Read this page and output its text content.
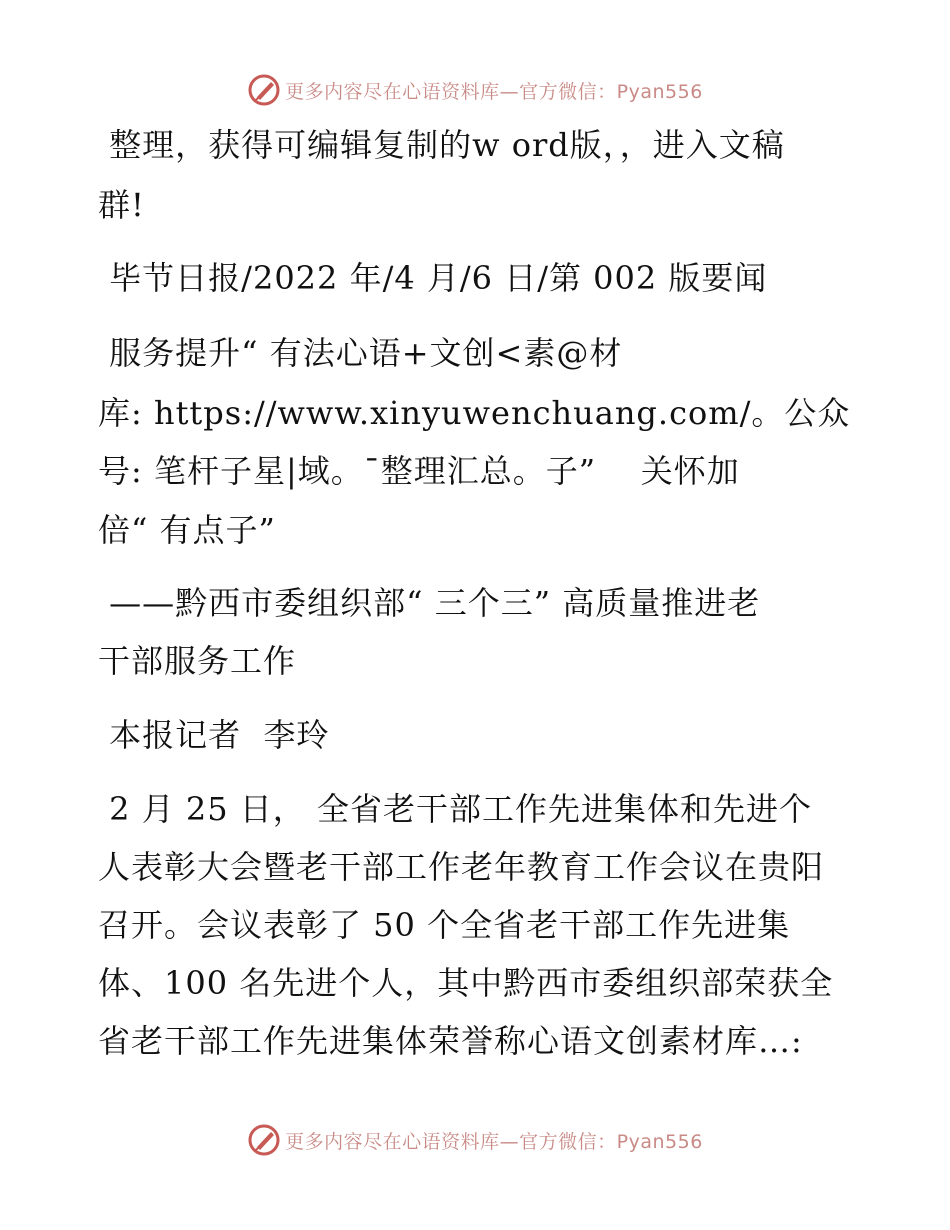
更多内容尽在心语资料库—官方微信：Pyan556
整理，获得可编辑复制的w ord版，，进入文稿
群!
毕节日报/2022 年/4 月/6 日/第 002 版要闻
服务提升“ 有法心语+文创<素@材
库: https://www.xinyuwenchuang.com/。公众
号: 笔杆子星|域。¯整理汇总。子”    关怀加
倍“ 有点子”
——黔西市委组织部“ 三个三” 高质量推进老
干部服务工作
本报记者  李玲
2 月 25 日， 全省老干部工作先进集体和先进个
人表彰大会暨老干部工作老年教育工作会议在贵阳
召开。会议表彰了 50 个全省老干部工作先进集
体、100 名先进个人，其中黔西市委组织部荣获全
省老干部工作先进集体荣誉称心语文创素材库…:
更多内容尽在心语资料库—官方微信：Pyan556
